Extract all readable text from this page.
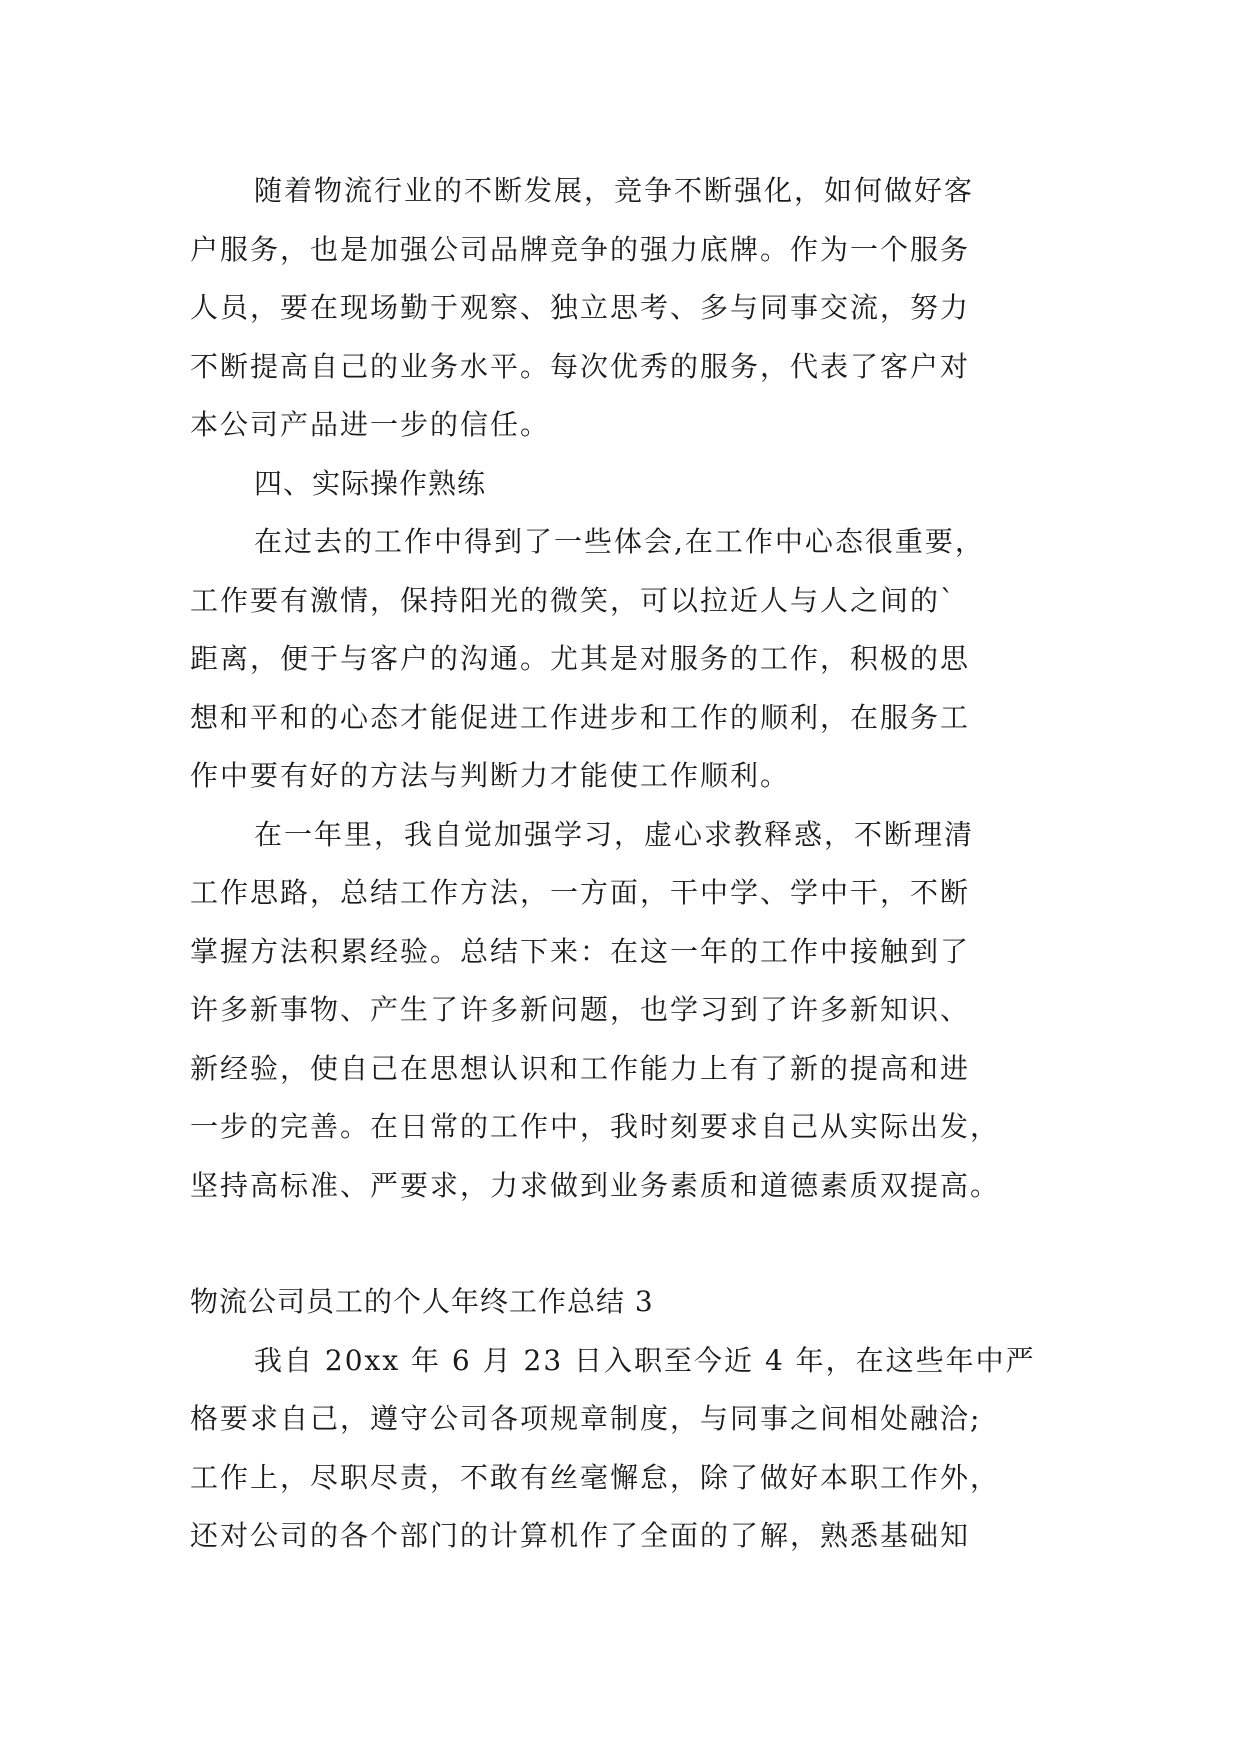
随着物流行业的不断发展，竞争不断强化，如何做好客
户服务，也是加强公司品牌竞争的强力底牌。作为一个服务
人员，要在现场勤于观察、独立思考、多与同事交流，努力
不断提高自己的业务水平。每次优秀的服务，代表了客户对
本公司产品进一步的信任。
四、实际操作熟练
在过去的工作中得到了一些体会,在工作中心态很重要，
工作要有激情，保持阳光的微笑，可以拉近人与人之间的`
距离，便于与客户的沟通。尤其是对服务的工作，积极的思
想和平和的心态才能促进工作进步和工作的顺利，在服务工
作中要有好的方法与判断力才能使工作顺利。
在一年里，我自觉加强学习，虚心求教释惑，不断理清
工作思路，总结工作方法，一方面，干中学、学中干，不断
掌握方法积累经验。总结下来：在这一年的工作中接触到了
许多新事物、产生了许多新问题，也学习到了许多新知识、
新经验，使自己在思想认识和工作能力上有了新的提高和进
一步的完善。在日常的工作中，我时刻要求自己从实际出发，
坚持高标准、严要求，力求做到业务素质和道德素质双提高。
物流公司员工的个人年终工作总结 3
我自 20xx 年 6 月 23 日入职至今近 4 年，在这些年中严
格要求自己，遵守公司各项规章制度，与同事之间相处融洽;
工作上，尽职尽责，不敢有丝毫懈怠，除了做好本职工作外，
还对公司的各个部门的计算机作了全面的了解，熟悉基础知
